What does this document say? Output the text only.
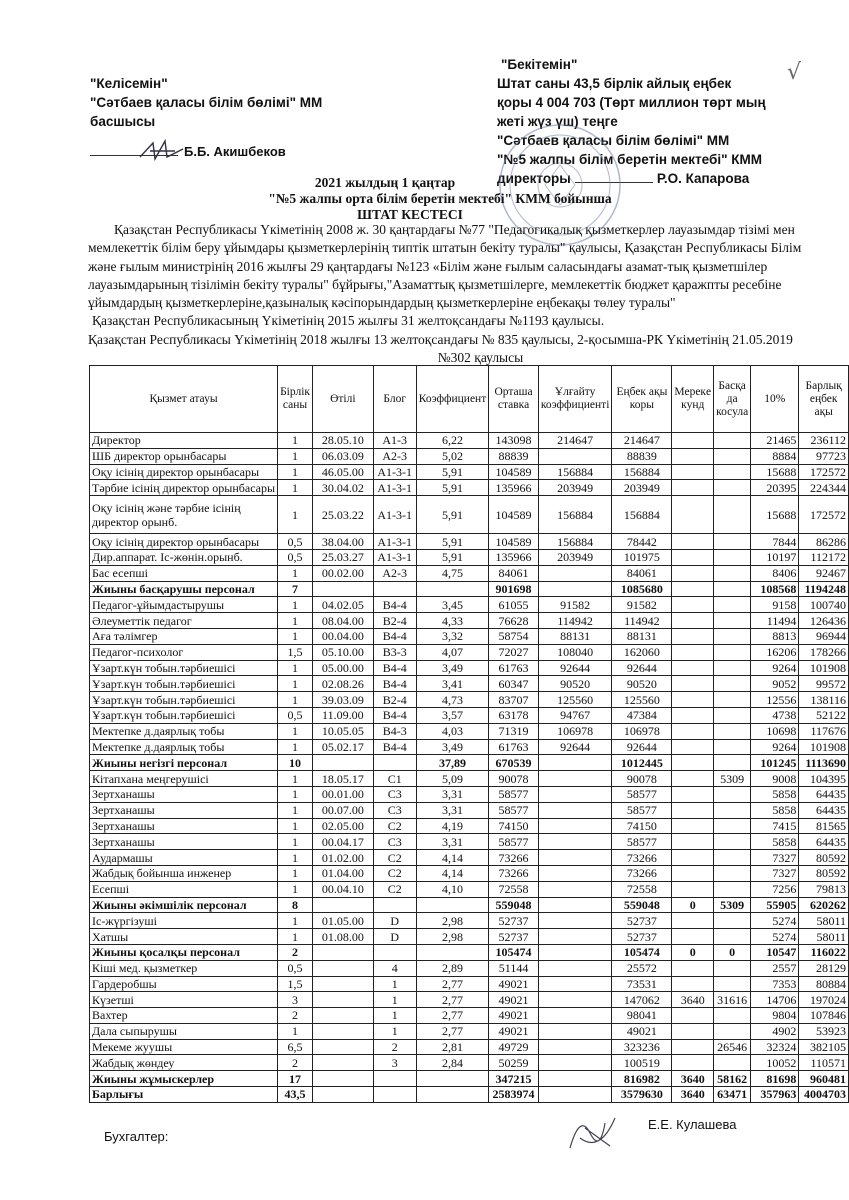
"Келісемін"
"Сәтбаев қаласы білім бөлімі" ММ
басшысы
Б.Б. Акишбеков
"Бекітемін"
Штат саны 43,5 бірлік айлық еңбек
қоры 4 004 703 (Төрт миллион төрт мың
жеті жүз үш) теңге
"Сәтбаев қаласы білім бөлімі" ММ
"№5 жалпы білім беретін мектебі" КММ
директоры	Р.О. Капарова
√
2021 жылдың 1 қаңтар
"№5 жалпы орта білім беретін мектебі" КММ бойынша
ШТАТ КЕСТЕСІ

Қазақстан Республикасы Үкіметінің 2008 ж. 30 қаңтардағы №77 "Педагогикалық қызметкерлер лауазымдар тізімі мен мемлекеттік білім беру ұйымдары қызметкерлерінің типтік штатын бекіту туралы" қаулысы, Қазақстан Республикасы Білім және ғылым министрінің 2016 жылғы 29 қаңтардағы №123 «Білім және ғылым саласындағы азамат-тық қызметшілер лауазымдарының тізілімін бекіту туралы" бұйрығы,"Азаматтық қызметшілерге, мемлекеттік бюджет қаражпты ресебіне ұйымдардың қызметкерлеріне,қазыналық кәсіпорындардың қызметкерлеріне еңбекақы төлеу туралы"

Қазақстан Республикасының Үкіметінің 2015 жылғы 31 желтоқсандағы №1193 қаулысы.

Қазақстан Республикасы Үкіметінің 2018 жылғы 13 желтоқсандағы № 835 қаулысы, 2-қосымша-РК Үкіметінің 21.05.2019

№302 қаулысы

Қызмет атауы	Бірлік саны	Өтілі	Блог	Коэффициент	Орташа ставка	Ұлғайту коэффициенті	Еңбек ақы коры	Мерекe кунд	Басқа да косулa	10%	Барлық еңбек ақы
Директор	1	28.05.10	А1-3	6,22	143098	214647	214647			21465	236112
ШБ директор орынбасары	1	06.03.09	А2-3	5,02	88839		88839			8884	97723
Оқу ісінің директор орынбасары	1	46.05.00	А1-3-1	5,91	104589	156884	156884			15688	172572
Тәрбие ісінің директор орынбасары	1	30.04.02	А1-3-1	5,91	135966	203949	203949			20395	224344
Оқу ісінің және тәрбие ісінің директор орынб.	1	25.03.22	А1-3-1	5,91	104589	156884	156884			15688	172572
Оқу ісінің директор орынбасары	0,5	38.04.00	А1-3-1	5,91	104589	156884	78442			7844	86286
Дир.аппарат. Іс-жөнін.орынб.	0,5	25.03.27	А1-3-1	5,91	135966	203949	101975			10197	112172
Бас есепші	1	00.02.00	А2-3	4,75	84061		84061			8406	92467
Жиыны басқарушы персонал	7				901698		1085680			108568	1194248
Педагог-ұйымдастырушы	1	04.02.05	В4-4	3,45	61055	91582	91582			9158	100740
Әлеуметтік педагог	1	08.04.00	В2-4	4,33	76628	114942	114942			11494	126436
Аға тәлімгер	1	00.04.00	В4-4	3,32	58754	88131	88131			8813	96944
Педагог-психолог	1,5	05.10.00	В3-3	4,07	72027	108040	162060			16206	178266
Ұзарт.күн тобын.тәрбиешісі	1	05.00.00	В4-4	3,49	61763	92644	92644			9264	101908
Ұзарт.күн тобын.тәрбиешісі	1	02.08.26	В4-4	3,41	60347	90520	90520			9052	99572
Ұзарт.күн тобын.тәрбиешісі	1	39.03.09	В2-4	4,73	83707	125560	125560			12556	138116
Ұзарт.күн тобын.тәрбиешісі	0,5	11.09.00	В4-4	3,57	63178	94767	47384			4738	52122
Мектепке д.даярлық тобы	1	10.05.05	В4-3	4,03	71319	106978	106978			10698	117676
Мектепке д.даярлық тобы	1	05.02.17	В4-4	3,49	61763	92644	92644			9264	101908
Жиыны негізгі персонал	10			37,89	670539		1012445			101245	1113690
Кітапхана меңгерушісі	1	18.05.17	С1	5,09	90078		90078		5309	9008	104395
Зертханашы	1	00.01.00	С3	3,31	58577		58577			5858	64435
Зертханашы	1	00.07.00	С3	3,31	58577		58577			5858	64435
Зертханашы	1	02.05.00	С2	4,19	74150		74150			7415	81565
Зертханашы	1	00.04.17	С3	3,31	58577		58577			5858	64435
Аудармашы	1	01.02.00	С2	4,14	73266		73266			7327	80592
Жабдық бойынша инженер	1	01.04.00	С2	4,14	73266		73266			7327	80592
Есепші	1	00.04.10	С2	4,10	72558		72558			7256	79813
Жиыны әкімшілік персонал	8				559048		559048	0	5309	55905	620262
Іс-жүргізуші	1	01.05.00	D	2,98	52737		52737			5274	58011
Хатшы	1	01.08.00	D	2,98	52737		52737			5274	58011
Жиыны қосалқы персонал	2				105474		105474	0	0	10547	116022
Кіші мед. қызметкер	0,5		4	2,89	51144		25572			2557	28129
Гардеробшы	1,5		1	2,77	49021		73531			7353	80884
Күзетші	3		1	2,77	49021		147062	3640	31616	14706	197024
Вахтер	2		1	2,77	49021		98041			9804	107846
Дала сыпырушы	1		1	2,77	49021		49021			4902	53923
Мекеме жуушы	6,5		2	2,81	49729		323236		26546	32324	382105
Жабдық жөндеу	2		3	2,84	50259		100519			10052	110571
Жиыны жұмыскерлер	17				347215		816982	3640	58162	81698	960481
Барлығы	43,5				2583974		3579630	3640	63471	357963	4004703
Бухгалтер:
Е.Е. Кулашева
